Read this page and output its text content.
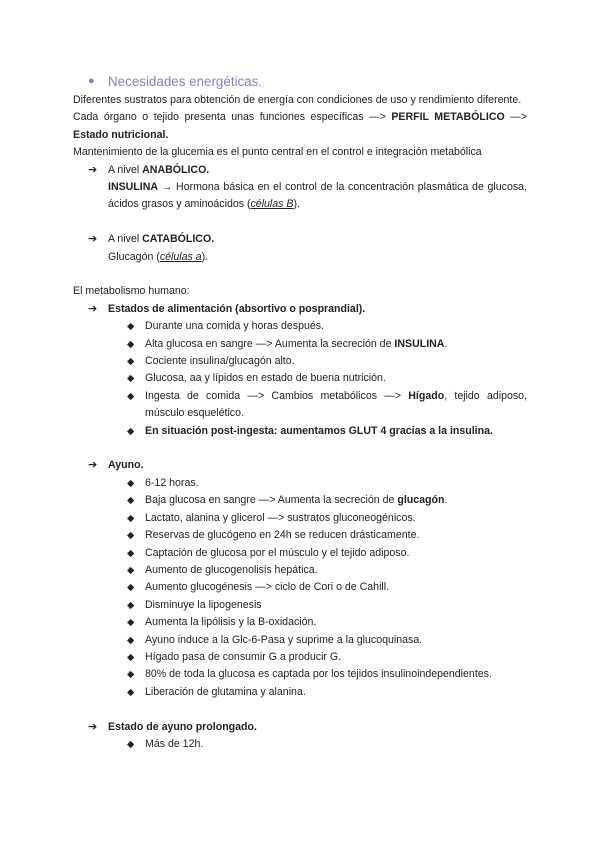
● Necesidades energéticas.

Diferentes sustratos para obtención de energía con condiciones de uso y rendimiento diferente.

Cada órgano o tejido presenta unas funciones específicas —> PERFIL METABÓLICO —> Estado nutricional.

Mantenimiento de la glucemia es el punto central en el control e integración metabólica

➔	A nivel ANABÓLICO.
INSULINA → Hormona básica en el control de la concentración plasmática de glucosa, ácidos grasos y aminoácidos (células B).
➔	A nivel CATABÓLICO.
Glucagón (células a).

El metabolismo humano:

➔	Estados de alimentación (absortivo o posprandial).
◆	Durante una comida y horas después.
◆	Alta glucosa en sangre —> Aumenta la secreción de INSULINA.
◆	Cociente insulina/glucagón alto.
◆	Glucosa, aa y lípidos en estado de buena nutrición.
◆	Ingesta de comida —> Cambios metabólicos —> Hígado, tejido adiposo, músculo esquelético.
◆	En situación post-ingesta: aumentamos GLUT 4 gracias a la insulina.
➔	Ayuno.
◆	6-12 horas.
◆	Baja glucosa en sangre —> Aumenta la secreción de glucagón.
◆	Lactato, alanina y glicerol —> sustratos gluconeogénicos.
◆	Reservas de glucógeno en 24h se reducen drásticamente.
◆	Captación de glucosa por el músculo y el tejido adiposo.
◆	Aumento de glucogenolisis hepática.
◆	Aumento glucogénesis —> ciclo de Cori o de Cahill.
◆	Disminuye la lipogenesis
◆	Aumenta la lipólisis y la B-oxidación.
◆	Ayuno induce a la Glc-6-Pasa y suprime a la glucoquinasa.
◆	Hígado pasa de consumir G a producir G.
◆	80% de toda la glucosa es captada por los tejidos insulinoindependientes.
◆	Liberación de glutamina y alanina.
➔	Estado de ayuno prolongado.
◆	Más de 12h.
